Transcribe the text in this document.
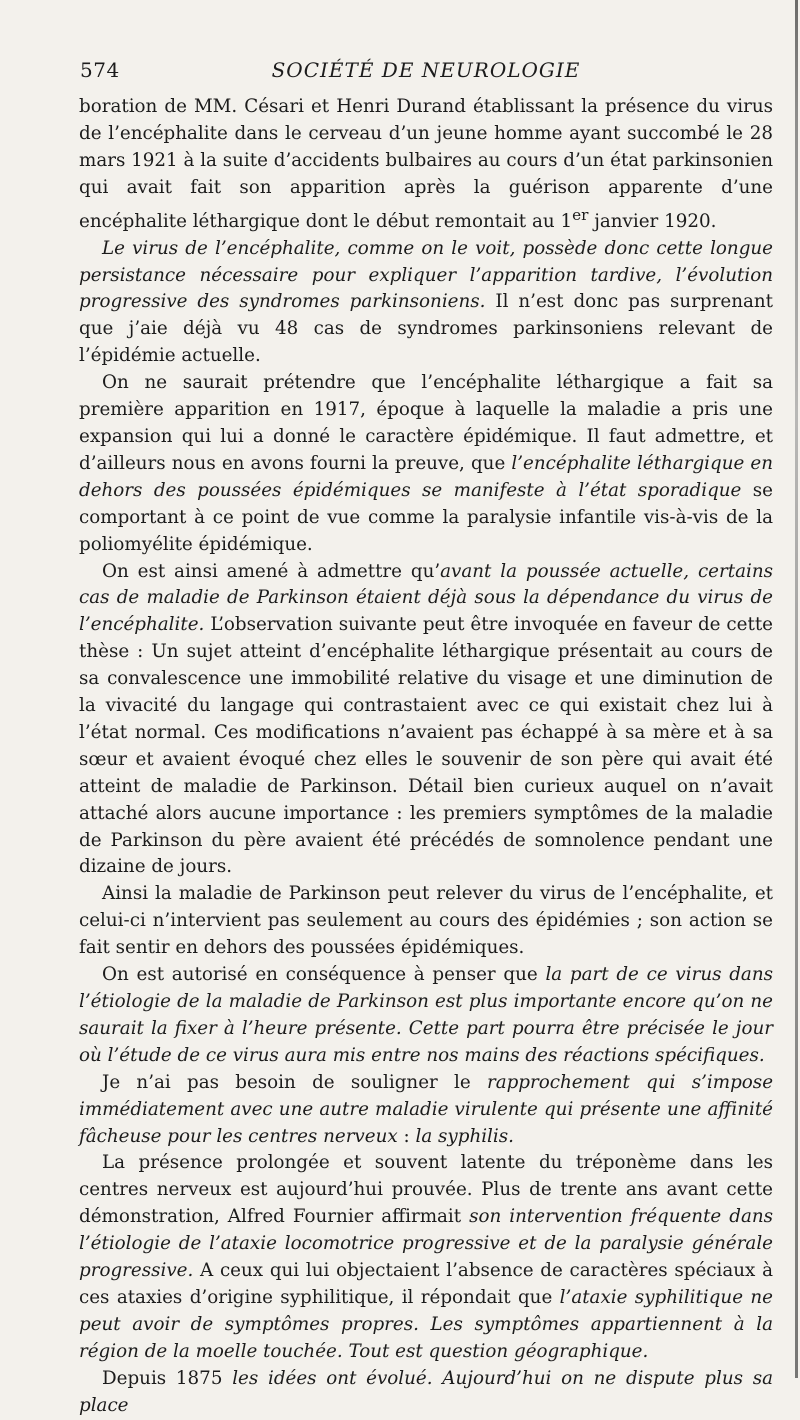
574	SOCIÉTÉ DE NEUROLOGIE

boration de MM. Césari et Henri Durand établissant la présence du virus de l’encéphalite dans le cerveau d’un jeune homme ayant succombé le 28 mars 1921 à la suite d’accidents bulbaires au cours d’un état parkinsonien qui avait fait son apparition après la guérison apparente d’une encéphalite léthargique dont le début remontait au 1er janvier 1920.

Le virus de l’encéphalite, comme on le voit, possède donc cette longue persistance nécessaire pour expliquer l’apparition tardive, l’évolution progressive des syndromes parkinsoniens. Il n’est donc pas surprenant que j’aie déjà vu 48 cas de syndromes parkinsoniens relevant de l’épidémie actuelle.

On ne saurait prétendre que l’encéphalite léthargique a fait sa première apparition en 1917, époque à laquelle la maladie a pris une expansion qui lui a donné le caractère épidémique. Il faut admettre, et d’ailleurs nous en avons fourni la preuve, que l’encéphalite léthargique en dehors des poussées épidémiques se manifeste à l’état sporadique se comportant à ce point de vue comme la paralysie infantile vis-à-vis de la poliomyélite épidémique.

On est ainsi amené à admettre qu’avant la poussée actuelle, certains cas de maladie de Parkinson étaient déjà sous la dépendance du virus de l’encéphalite. L’observation suivante peut être invoquée en faveur de cette thèse : Un sujet atteint d’encéphalite léthargique présentait au cours de sa convalescence une immobilité relative du visage et une diminution de la vivacité du langage qui contrastaient avec ce qui existait chez lui à l’état normal. Ces modifications n’avaient pas échappé à sa mère et à sa sœur et avaient évoqué chez elles le souvenir de son père qui avait été atteint de maladie de Parkinson. Détail bien curieux auquel on n’avait attaché alors aucune importance : les premiers symptômes de la maladie de Parkinson du père avaient été précédés de somnolence pendant une dizaine de jours.

Ainsi la maladie de Parkinson peut relever du virus de l’encéphalite, et celui-ci n’intervient pas seulement au cours des épidémies ; son action se fait sentir en dehors des poussées épidémiques.

On est autorisé en conséquence à penser que la part de ce virus dans l’étiologie de la maladie de Parkinson est plus importante encore qu’on ne saurait la fixer à l’heure présente. Cette part pourra être précisée le jour où l’étude de ce virus aura mis entre nos mains des réactions spécifiques.

Je n’ai pas besoin de souligner le rapprochement qui s’impose immédiatement avec une autre maladie virulente qui présente une affinité fâcheuse pour les centres nerveux : la syphilis.

La présence prolongée et souvent latente du tréponème dans les centres nerveux est aujourd’hui prouvée. Plus de trente ans avant cette démonstration, Alfred Fournier affirmait son intervention fréquente dans l’étiologie de l’ataxie locomotrice progressive et de la paralysie générale progressive. A ceux qui lui objectaient l’absence de caractères spéciaux à ces ataxies d’origine syphilitique, il répondait que l’ataxie syphilitique ne peut avoir de symptômes propres. Les symptômes appartiennent à la région de la moelle touchée. Tout est question géographique.

Depuis 1875 les idées ont évolué. Aujourd’hui on ne dispute plus sa place
